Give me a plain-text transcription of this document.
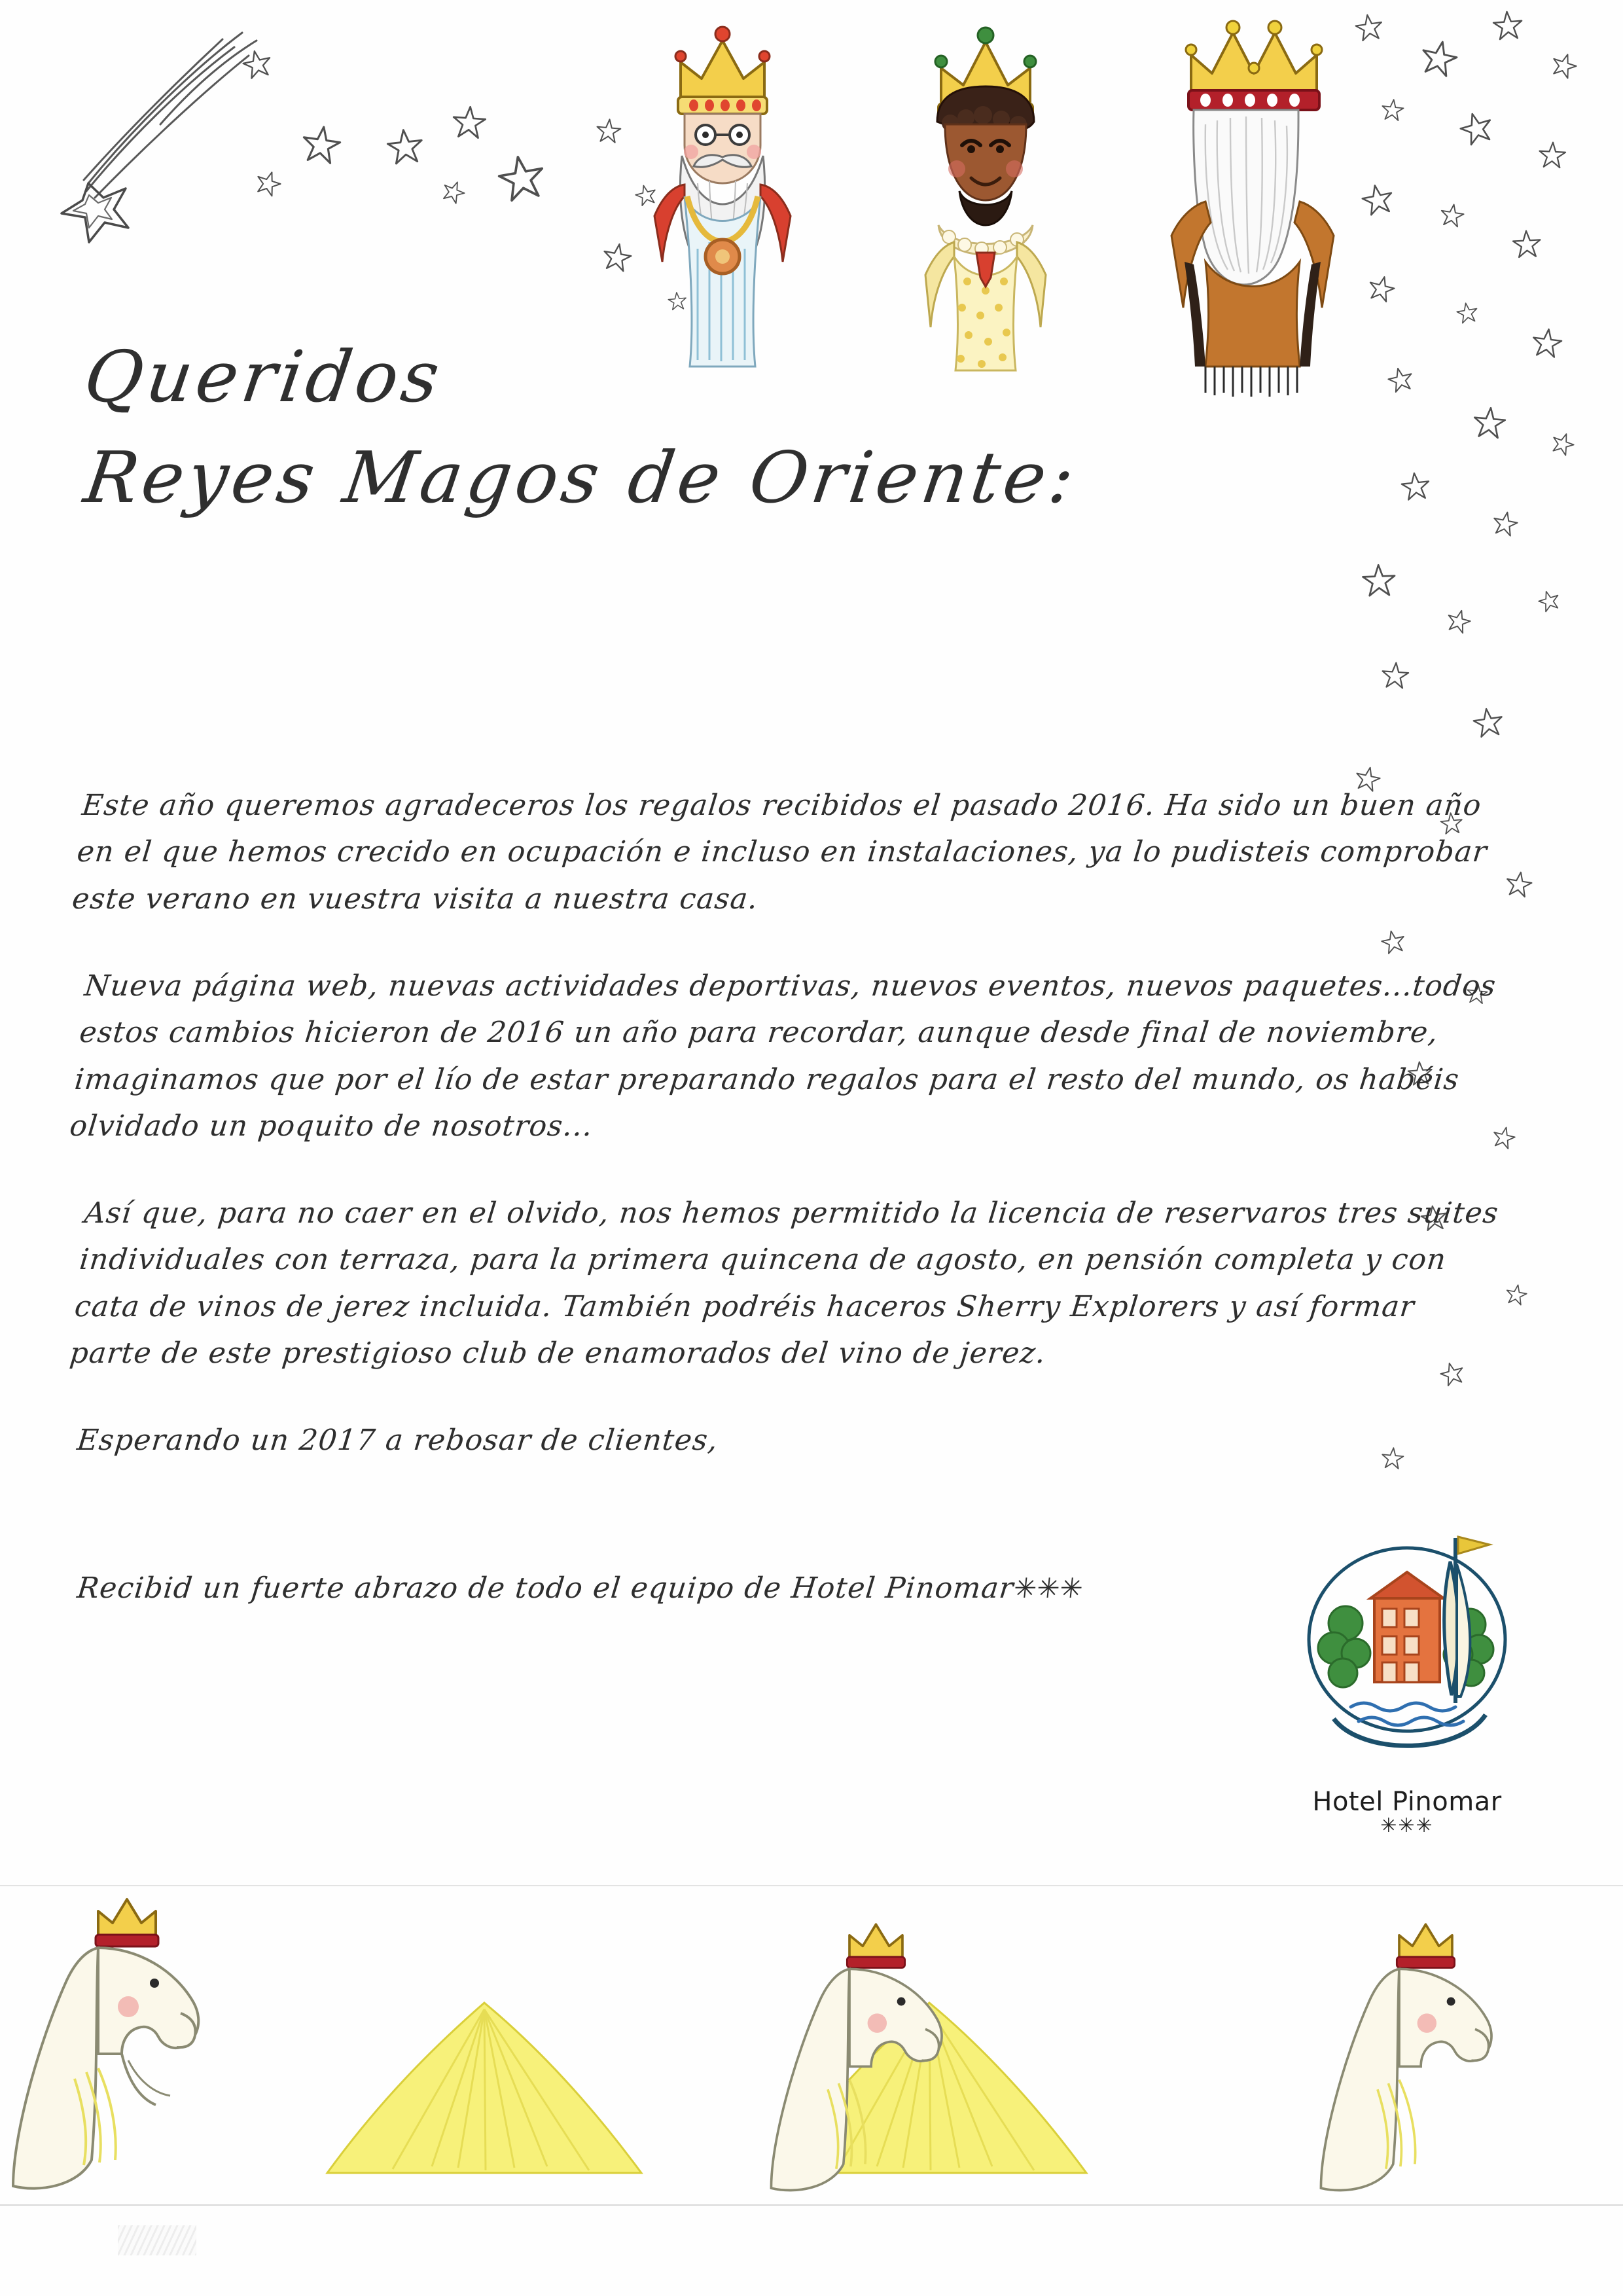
Queridos
Reyes Magos de Oriente:

Este año queremos agradeceros los regalos recibidos el pasado 2016. Ha sido un buen año en el que hemos crecido en ocupación e incluso en instalaciones, ya lo pudisteis comprobar este verano en vuestra visita a nuestra casa.

Nueva página web, nuevas actividades deportivas, nuevos eventos, nuevos paquetes...todos estos cambios hicieron de 2016 un año para recordar, aunque desde final de noviembre, imaginamos que por el lío de estar preparando regalos para el resto del mundo, os habéis olvidado un poquito de nosotros...

Así que, para no caer en el olvido, nos hemos permitido la licencia de reservaros tres suites individuales con terraza, para la primera quincena de agosto, en pensión completa y con cata de vinos de jerez incluida. También podréis haceros Sherry Explorers y así formar parte de este prestigioso club de enamorados del vino de jerez.

Esperando un 2017 a rebosar de clientes,

Recibid un fuerte abrazo de todo el equipo de Hotel Pinomar✳✳✳

Hotel Pinomar
✳✳✳
